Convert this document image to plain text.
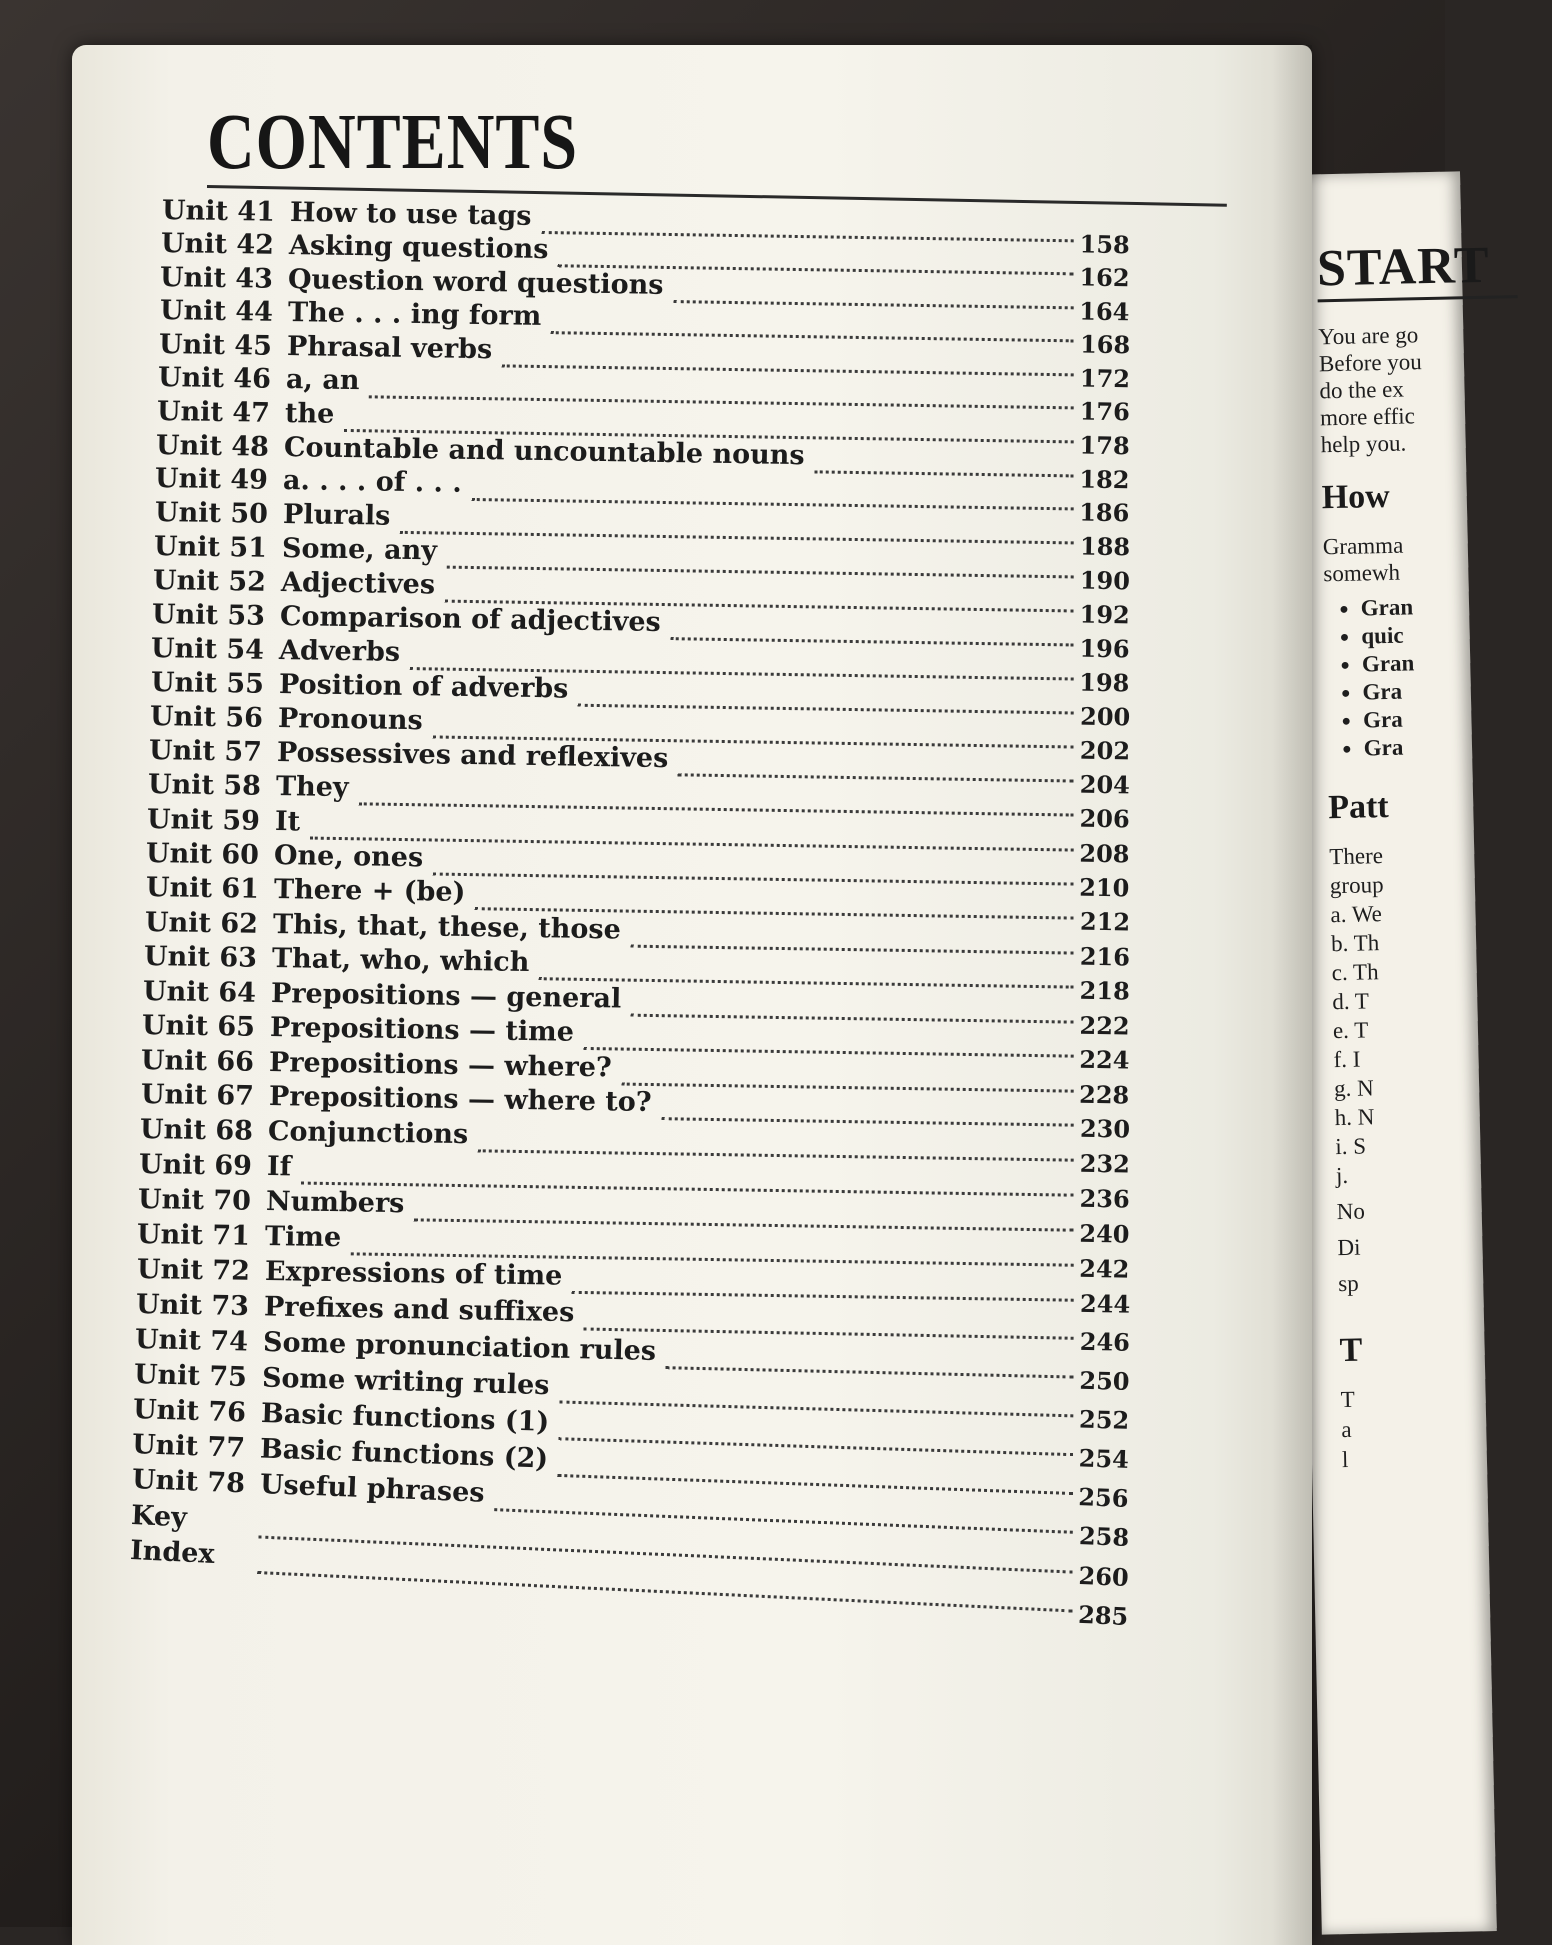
START
You are go
Before you
do the ex
more effic
help you.
How
Gramma
somewh
● Gran
● quic
● Gran
● Gra
● Gra
● Gra
Patt
There
group
a. We
b. Th
c. Th
d. T
e. T
f. I
g. N
h. N
i. S
j.
No
Di
sp
T
T
a
l
CONTENTS
Unit 41 How to use tags
158
Unit 42 Asking questions
162
Unit 43 Question word questions
164
Unit 44 The . . . ing form
168
Unit 45 Phrasal verbs
172
Unit 46 a, an
176
Unit 47 the
178
Unit 48 Countable and uncountable nouns
182
Unit 49 a. . . . of . . .
186
Unit 50 Plurals
188
Unit 51 Some, any
190
Unit 52 Adjectives
192
Unit 53 Comparison of adjectives
196
Unit 54 Adverbs
198
Unit 55 Position of adverbs
200
Unit 56 Pronouns
202
Unit 57 Possessives and reflexives
204
Unit 58 They
206
Unit 59 It
208
Unit 60 One, ones
210
Unit 61 There + (be)
212
Unit 62 This, that, these, those
216
Unit 63 That, who, which
218
Unit 64 Prepositions — general
222
Unit 65 Prepositions — time
224
Unit 66 Prepositions — where?
228
Unit 67 Prepositions — where to?
230
Unit 68 Conjunctions
232
Unit 69 If
236
Unit 70 Numbers
240
Unit 71 Time
242
Unit 72 Expressions of time
244
Unit 73 Prefixes and suffixes
246
Unit 74 Some pronunciation rules
250
Unit 75 Some writing rules
252
Unit 76 Basic functions (1)
254
Unit 77 Basic functions (2)
256
Unit 78 Useful phrases
258
Key
260
Index
285
